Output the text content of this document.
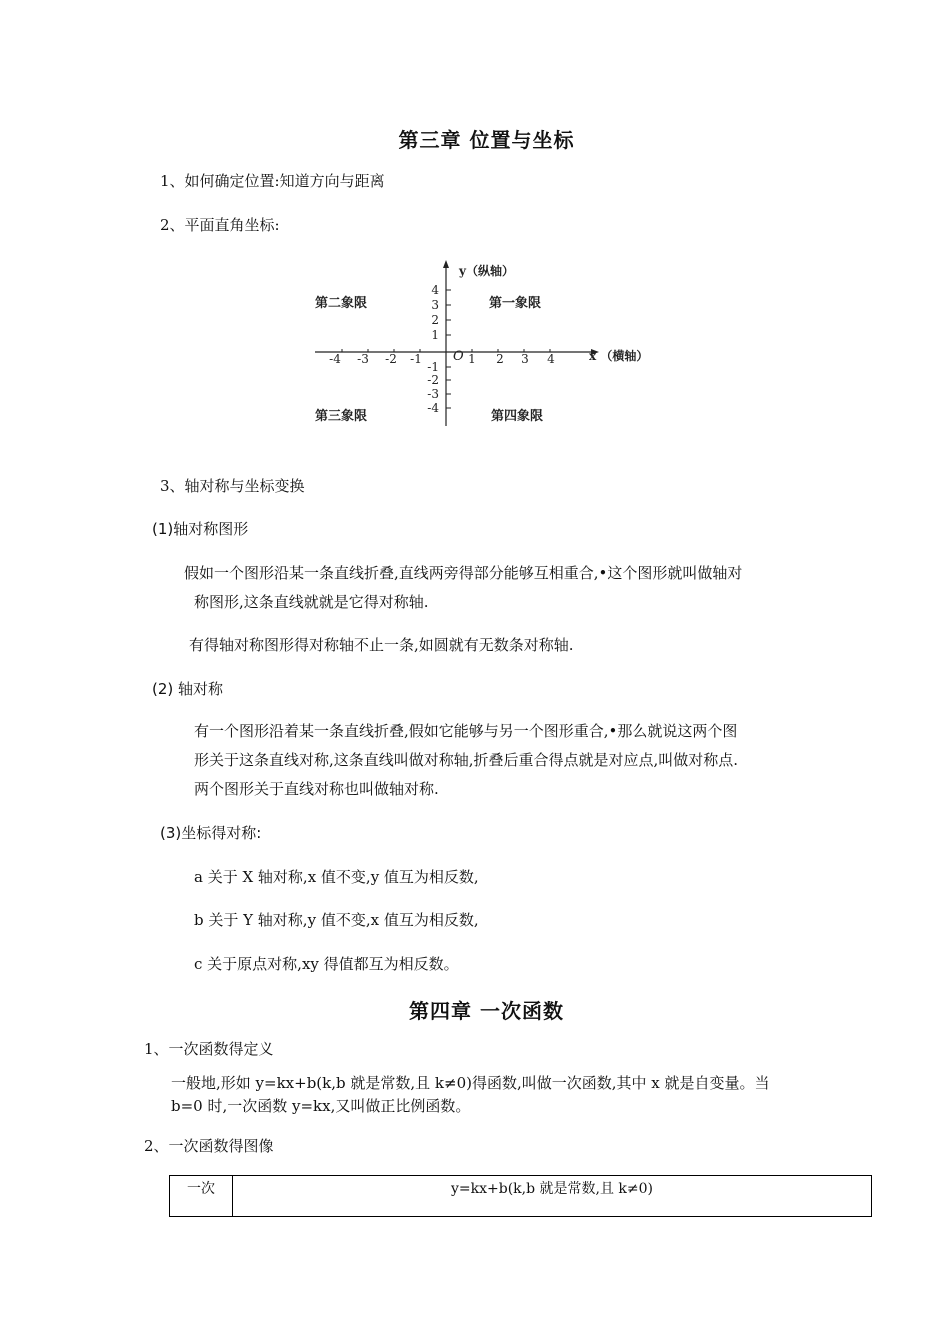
第三章 位置与坐标
1、如何确定位置:知道方向与距离
2、平面直角坐标:
-4 -3 -2 -1	1 2 3 4
4
3
2
1
-1
-2
-3
-4
O
y（纵轴）
x （横轴）
第一象限
第二象限
第三象限	第四象限
3、轴对称与坐标变换
(1)轴对称图形
假如一个图形沿某一条直线折叠,直线两旁得部分能够互相重合,•这个图形就叫做轴对
称图形,这条直线就就是它得对称轴.
有得轴对称图形得对称轴不止一条,如圆就有无数条对称轴.
(2) 轴对称
有一个图形沿着某一条直线折叠,假如它能够与另一个图形重合,•那么就说这两个图
形关于这条直线对称,这条直线叫做对称轴,折叠后重合得点就是对应点,叫做对称点.
两个图形关于直线对称也叫做轴对称.
(3)坐标得对称:
a 关于 X 轴对称,x 值不变,y 值互为相反数,
b 关于 Y 轴对称,y 值不变,x 值互为相反数,
c 关于原点对称,xy 得值都互为相反数。
第四章 一次函数
1、一次函数得定义
一般地,形如 y=kx+b(k,b 就是常数,且 k≠0)得函数,叫做一次函数,其中 x 就是自变量。当
b=0 时,一次函数 y=kx,又叫做正比例函数。
2、一次函数得图像
一次	y=kx+b(k,b 就是常数,且 k≠0)
